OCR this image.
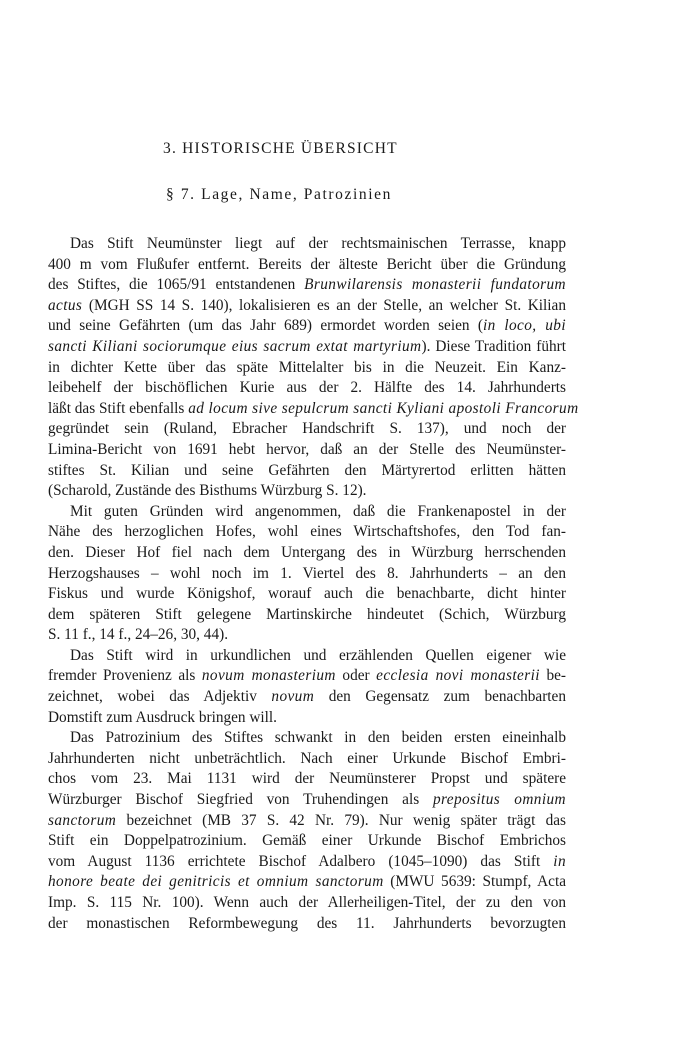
3. HISTORISCHE ÜBERSICHT
§ 7. Lage, Name, Patrozinien
Das Stift Neumünster liegt auf der rechtsmainischen Terrasse, knapp
400 m vom Flußufer entfernt. Bereits der älteste Bericht über die Gründung
des Stiftes, die 1065/91 entstandenen Brunwilarensis monasterii fundatorum
actus (MGH SS 14 S. 140), lokalisieren es an der Stelle, an welcher St. Kilian
und seine Gefährten (um das Jahr 689) ermordet worden seien (in loco, ubi
sancti Kiliani sociorumque eius sacrum extat martyrium). Diese Tradition führt
in dichter Kette über das späte Mittelalter bis in die Neuzeit. Ein Kanz-
leibehelf der bischöflichen Kurie aus der 2. Hälfte des 14. Jahrhunderts
läßt das Stift ebenfalls ad locum sive sepulcrum sancti Kyliani apostoli Francorum
gegründet sein (Ruland, Ebracher Handschrift S. 137), und noch der
Limina-Bericht von 1691 hebt hervor, daß an der Stelle des Neumünster-
stiftes St. Kilian und seine Gefährten den Märtyrertod erlitten hätten
(Scharold, Zustände des Bisthums Würzburg S. 12).
Mit guten Gründen wird angenommen, daß die Frankenapostel in der
Nähe des herzoglichen Hofes, wohl eines Wirtschaftshofes, den Tod fan-
den. Dieser Hof fiel nach dem Untergang des in Würzburg herrschenden
Herzogshauses – wohl noch im 1. Viertel des 8. Jahrhunderts – an den
Fiskus und wurde Königshof, worauf auch die benachbarte, dicht hinter
dem späteren Stift gelegene Martinskirche hindeutet (Schich, Würzburg
S. 11 f., 14 f., 24–26, 30, 44).
Das Stift wird in urkundlichen und erzählenden Quellen eigener wie
fremder Provenienz als novum monasterium oder ecclesia novi monasterii be-
zeichnet, wobei das Adjektiv novum den Gegensatz zum benachbarten
Domstift zum Ausdruck bringen will.
Das Patrozinium des Stiftes schwankt in den beiden ersten eineinhalb
Jahrhunderten nicht unbeträchtlich. Nach einer Urkunde Bischof Embri-
chos vom 23. Mai 1131 wird der Neumünsterer Propst und spätere
Würzburger Bischof Siegfried von Truhendingen als prepositus omnium
sanctorum bezeichnet (MB 37 S. 42 Nr. 79). Nur wenig später trägt das
Stift ein Doppelpatrozinium. Gemäß einer Urkunde Bischof Embrichos
vom August 1136 errichtete Bischof Adalbero (1045–1090) das Stift in
honore beate dei genitricis et omnium sanctorum (MWU 5639: Stumpf, Acta
Imp. S. 115 Nr. 100). Wenn auch der Allerheiligen-Titel, der zu den von
der monastischen Reformbewegung des 11. Jahrhunderts bevorzugten
